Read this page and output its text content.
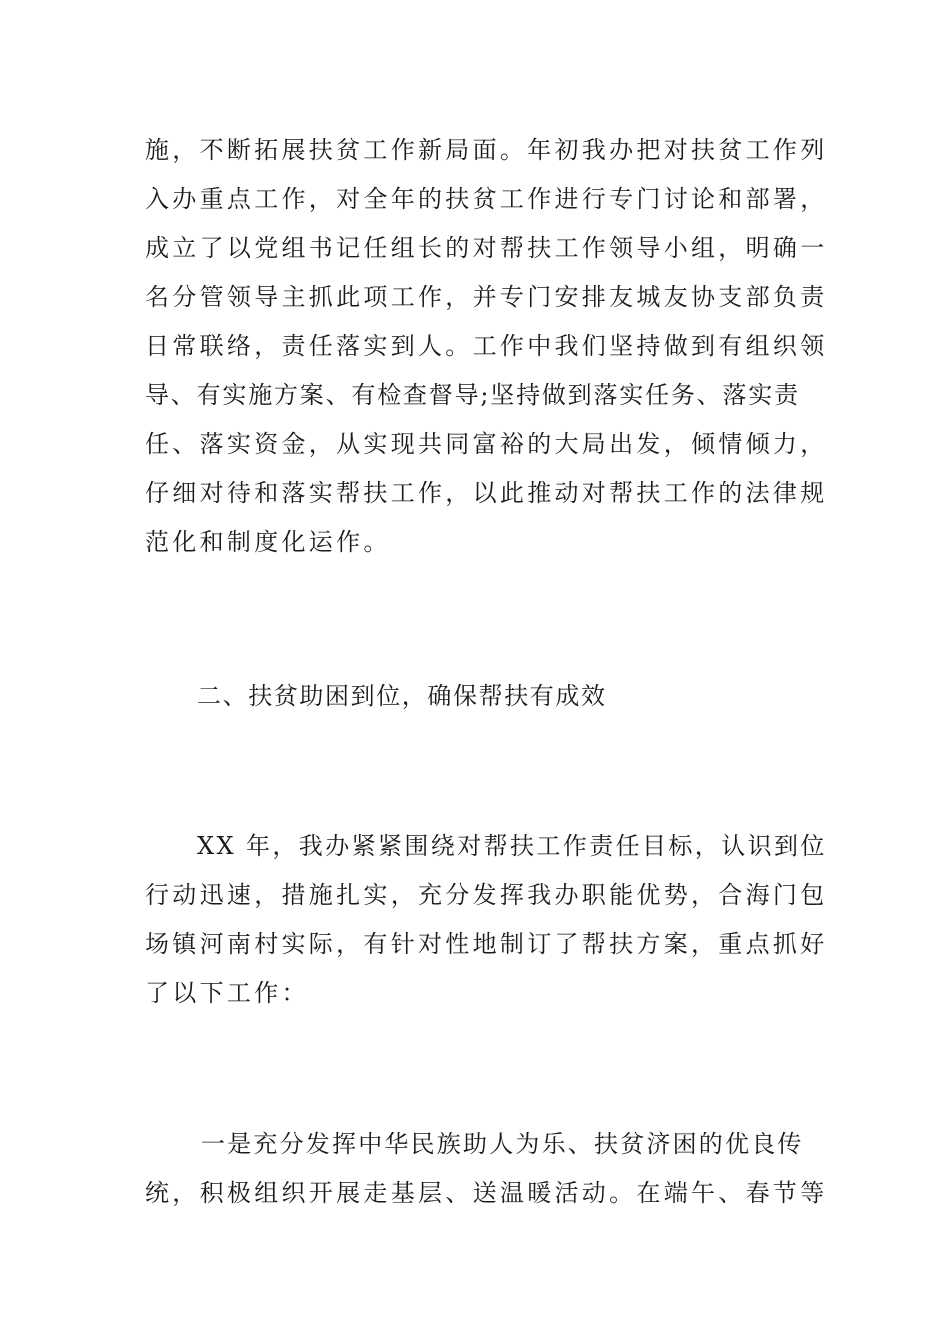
施，不断拓展扶贫工作新局面。年初我办把对扶贫工作列
入办重点工作，对全年的扶贫工作进行专门讨论和部署，
成立了以党组书记任组长的对帮扶工作领导小组，明确一
名分管领导主抓此项工作，并专门安排友城友协支部负责
日常联络，责任落实到人。工作中我们坚持做到有组织领
导、有实施方案、有检查督导;坚持做到落实任务、落实责
任、落实资金，从实现共同富裕的大局出发，倾情倾力，
仔细对待和落实帮扶工作，以此推动对帮扶工作的法律规
范化和制度化运作。
二、扶贫助困到位，确保帮扶有成效
XX 年，我办紧紧围绕对帮扶工作责任目标，认识到位
行动迅速，措施扎实，充分发挥我办职能优势，合海门包
场镇河南村实际，有针对性地制订了帮扶方案，重点抓好
了以下工作：
一是充分发挥中华民族助人为乐、扶贫济困的优良传
统，积极组织开展走基层、送温暖活动。在端午、春节等
